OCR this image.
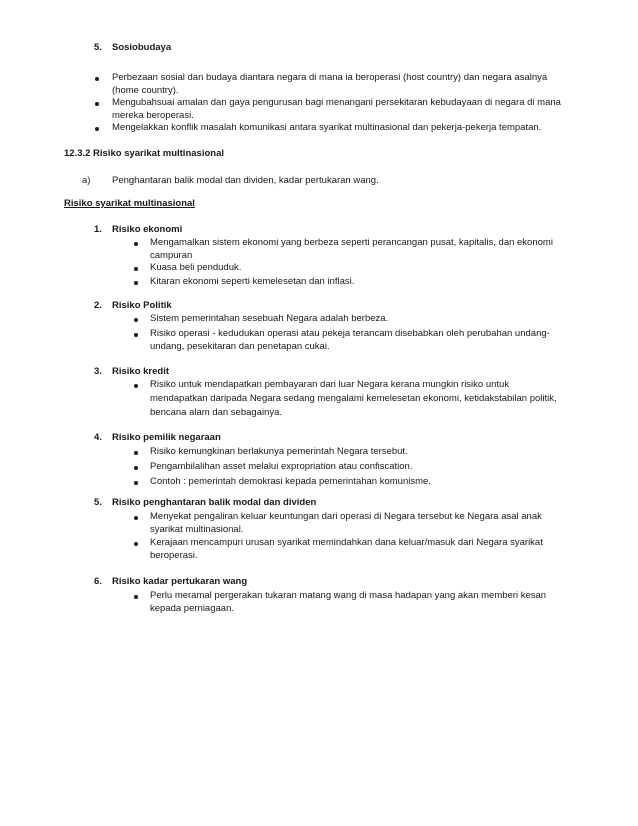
5. Sosiobudaya
Perbezaan sosial dan budaya diantara negara di mana ia beroperasi (host country) dan negara asalnya
(home country).
Mengubahsuai amalan dan gaya pengurusan bagi menangani persekitaran kebudayaan di negara di mana
mereka beroperasi.
Mengelakkan konflik masalah komunikasi antara syarikat multinasional dan pekerja-pekerja tempatan.
12.3.2 Risiko syarikat multinasional
a) Penghantaran balik modal dan dividen, kadar pertukaran wang.
Risiko syarikat multinasional
1. Risiko ekonomi
Mengamalkan sistem ekonomi yang berbeza seperti perancangan pusat, kapitalis, dan ekonomi
campuran
Kuasa beli penduduk.
Kitaran ekonomi seperti kemelesetan dan inflasi.
2. Risiko Politik
Sistem pemerintahan sesebuah Negara adalah berbeza.
Risiko operasi - kedudukan operasi atau pekeja terancam disebabkan oleh perubahan undang-
undang, pesekitaran dan penetapan cukai.
3. Risiko kredit
Risiko untuk mendapatkan pembayaran dari luar Negara kerana mungkin risiko untuk
mendapatkan daripada Negara sedang mengalami kemelesetan ekonomi, ketidakstabilan politik,
bencana alam dan sebagainya.
4. Risiko pemilik negaraan
Risiko kemungkinan berlakunya pemerintah Negara tersebut.
Pengambilalihan asset melalui expropriation atau confiscation.
Contoh : pemerintah demokrasi kepada pemerintahan komunisme.
5. Risiko penghantaran balik modal dan dividen
Menyekat pengaliran keluar keuntungan dari operasi di Negara tersebut ke Negara asal anak
syarikat multinasional.
Kerajaan mencampuri urusan syarikat memindahkan dana keluar/masuk dari Negara syarikat
beroperasi.
6. Risiko kadar pertukaran wang
Perlu meramal pergerakan tukaran matang wang di masa hadapan yang akan memberi kesan
kepada perniagaan.
